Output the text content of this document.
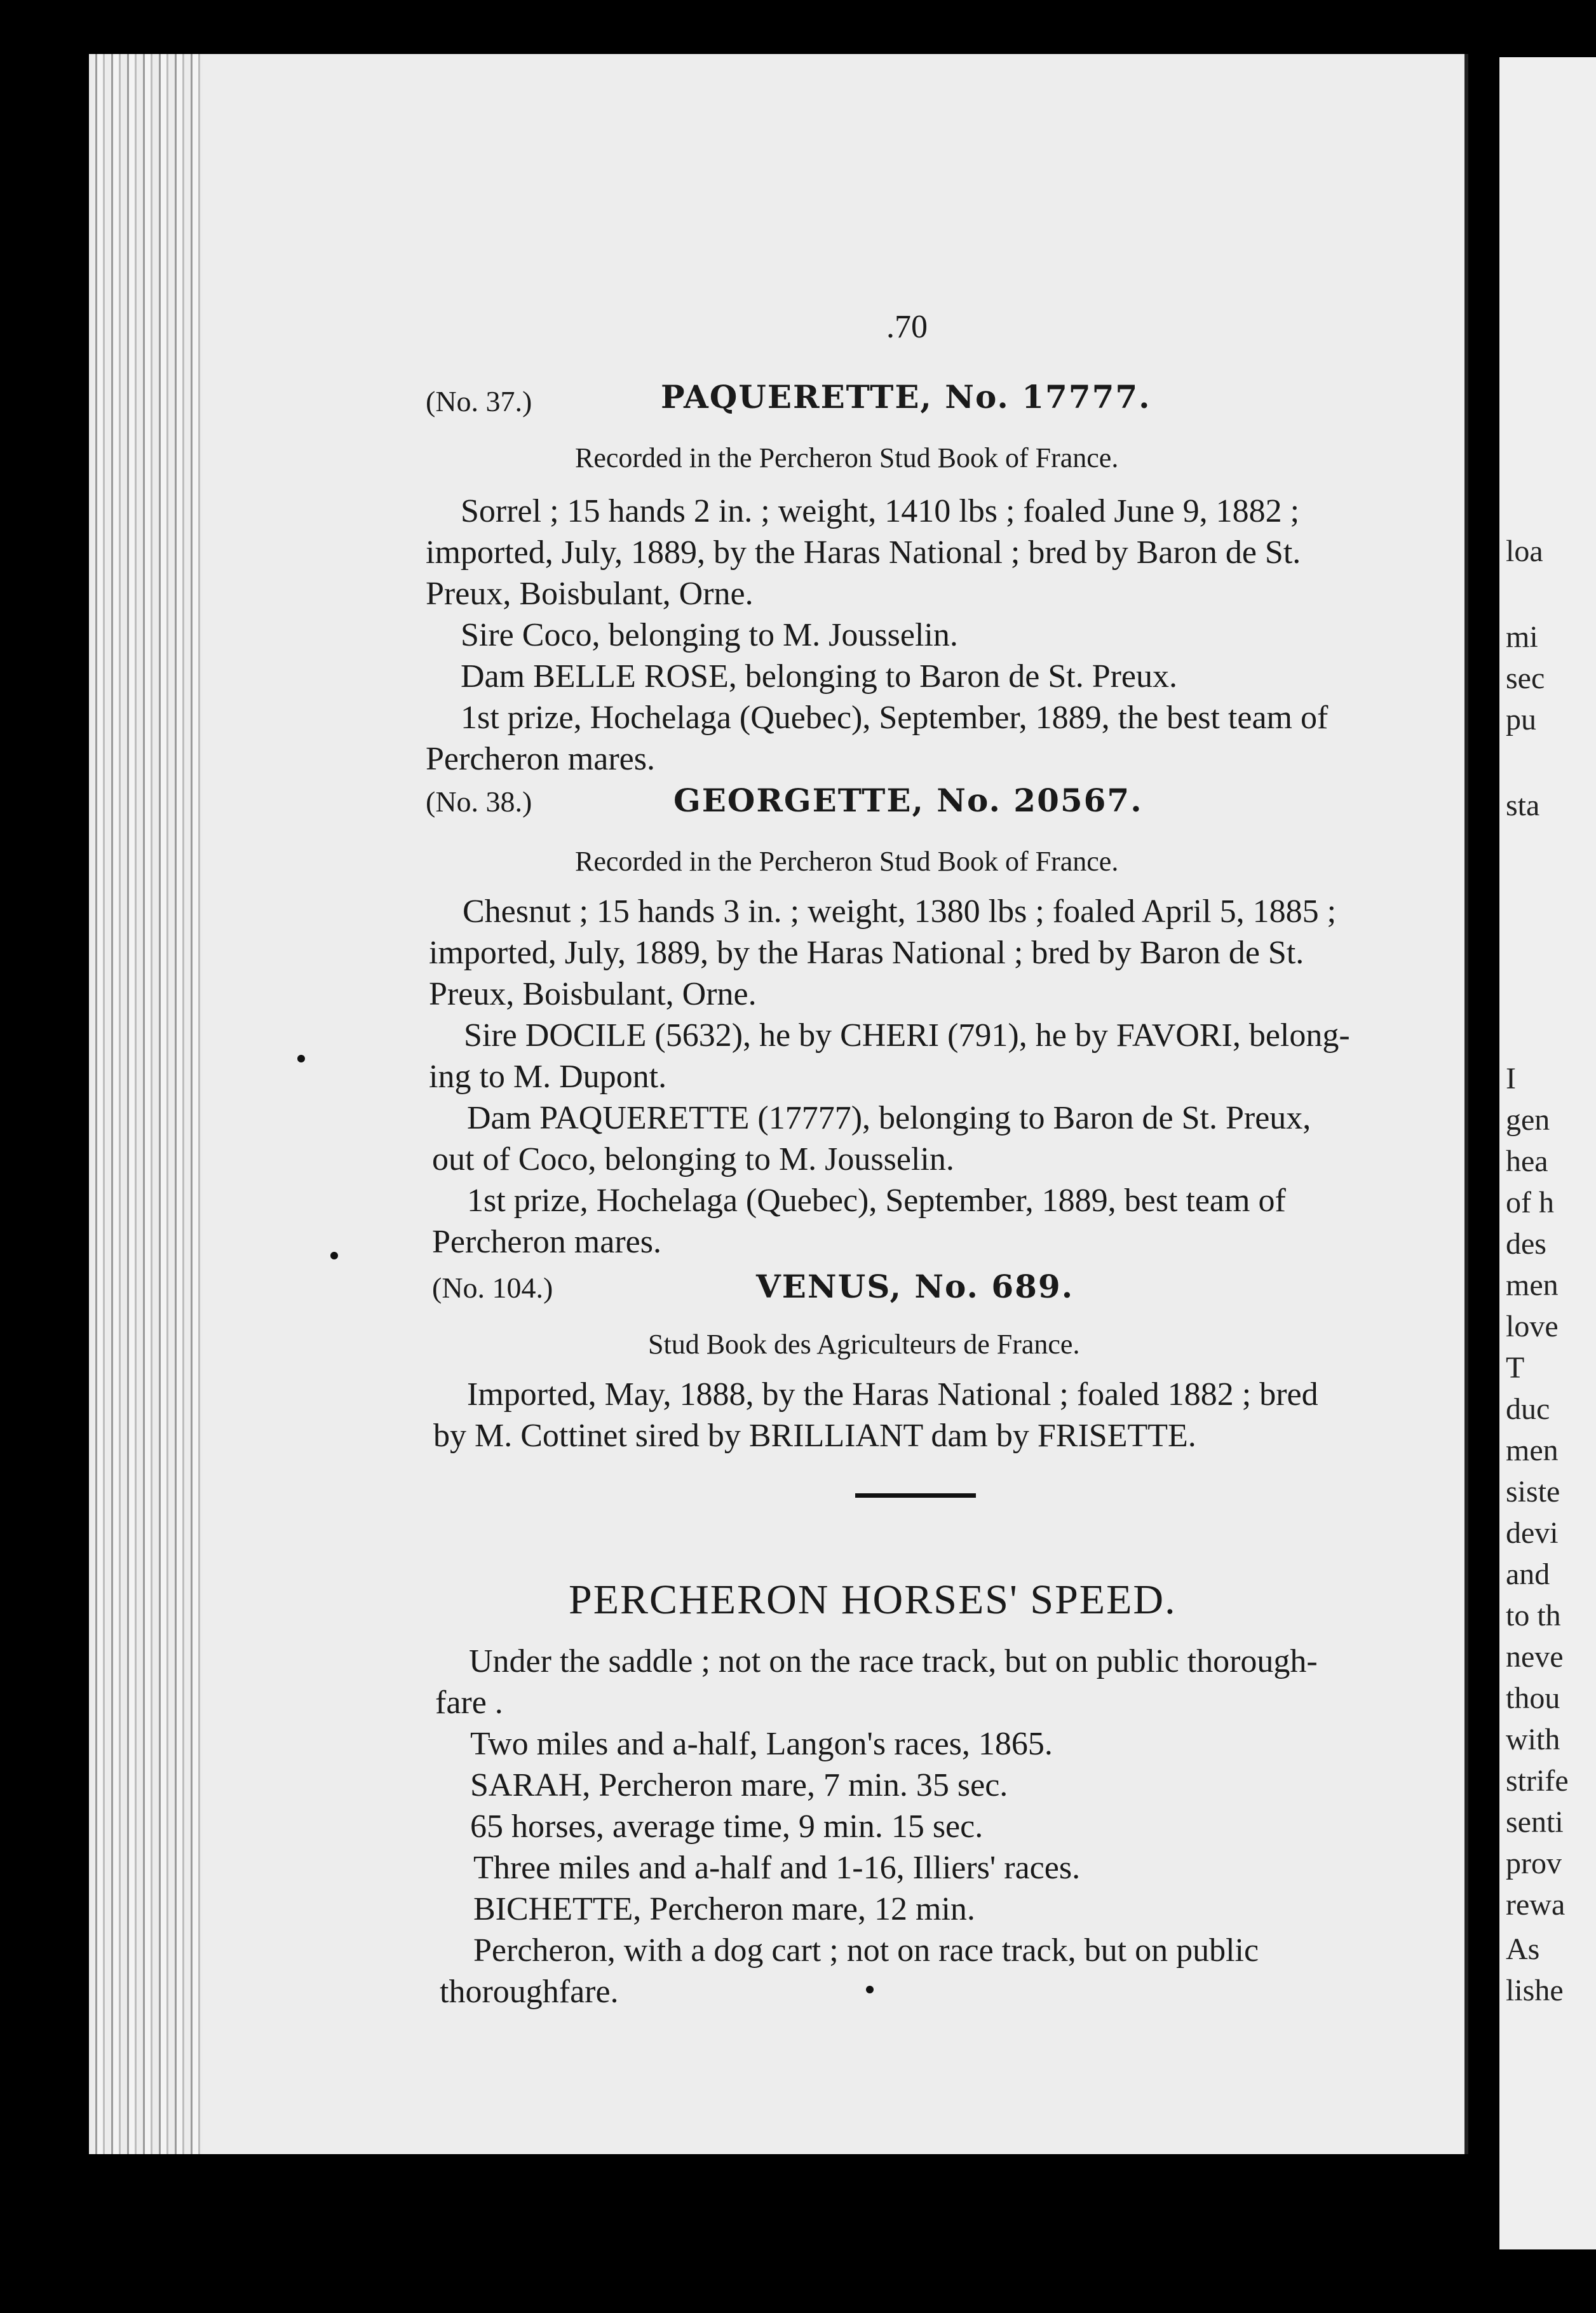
.70
(No. 37.)	PAQUERETTE, No. 17777.
Recorded in the Percheron Stud Book of France.
Sorrel ; 15 hands 2 in. ; weight, 1410 lbs ; foaled June 9, 1882 ;
imported, July, 1889, by the Haras National ; bred by Baron de St.
Preux, Boisbulant, Orne.
Sire Coco, belonging to M. Jousselin.
Dam BELLE ROSE, belonging to Baron de St. Preux.
1st prize, Hochelaga (Quebec), September, 1889, the best team of
Percheron mares.
(No. 38.)	GEORGETTE, No. 20567.
Recorded in the Percheron Stud Book of France.
Chesnut ; 15 hands 3 in. ; weight, 1380 lbs ; foaled April 5, 1885 ;
imported, July, 1889, by the Haras National ; bred by Baron de St.
Preux, Boisbulant, Orne.
Sire DOCILE (5632), he by CHERI (791), he by FAVORI, belong-
ing to M. Dupont.
Dam PAQUERETTE (17777), belonging to Baron de St. Preux,
out of Coco, belonging to M. Jousselin.
1st prize, Hochelaga (Quebec), September, 1889, best team of
Percheron mares.
(No. 104.)	VENUS, No. 689.
Stud Book des Agriculteurs de France.
Imported, May, 1888, by the Haras National ; foaled 1882 ; bred
by M. Cottinet sired by BRILLIANT dam by FRISETTE.
PERCHERON HORSES' SPEED.
Under the saddle ; not on the race track, but on public thorough-
fare .
Two miles and a-half, Langon's races, 1865.
SARAH, Percheron mare, 7 min. 35 sec.
65 horses, average time, 9 min. 15 sec.
Three miles and a-half and 1-16, Illiers' races.
BICHETTE, Percheron mare, 12 min.
Percheron, with a dog cart ; not on race track, but on public
thoroughfare.
loa
mi
sec
pu
sta
I
gen
hea
of h
des
men
love
T
duc
men
siste
devi
and
to th
neve
thou
with
strife
senti
prov
rewa
As
lishe
